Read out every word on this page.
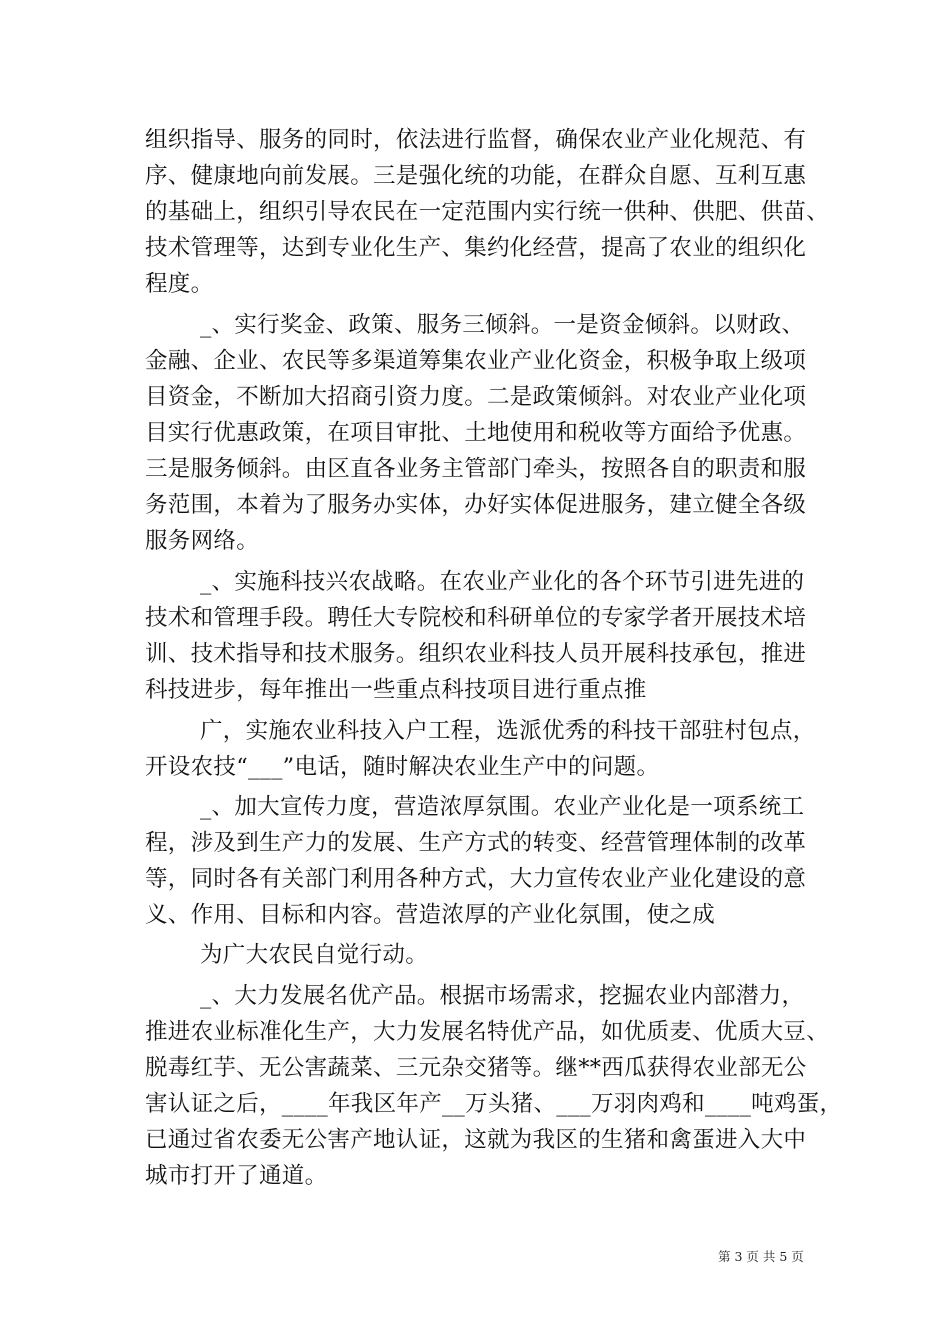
组织指导、服务的同时，依法进行监督，确保农业产业化规范、有
序、健康地向前发展。三是强化统的功能，在群众自愿、互利互惠
的基础上，组织引导农民在一定范围内实行统一供种、供肥、供苗、
技术管理等，达到专业化生产、集约化经营，提高了农业的组织化
程度。
_、实行奖金、政策、服务三倾斜。一是资金倾斜。以财政、
金融、企业、农民等多渠道筹集农业产业化资金，积极争取上级项
目资金，不断加大招商引资力度。二是政策倾斜。对农业产业化项
目实行优惠政策，在项目审批、土地使用和税收等方面给予优惠。
三是服务倾斜。由区直各业务主管部门牵头，按照各自的职责和服
务范围，本着为了服务办实体，办好实体促进服务，建立健全各级
服务网络。
_、实施科技兴农战略。在农业产业化的各个环节引进先进的
技术和管理手段。聘任大专院校和科研单位的专家学者开展技术培
训、技术指导和技术服务。组织农业科技人员开展科技承包，推进
科技进步，每年推出一些重点科技项目进行重点推
广，实施农业科技入户工程，选派优秀的科技干部驻村包点，
开设农技“___”电话，随时解决农业生产中的问题。
_、加大宣传力度，营造浓厚氛围。农业产业化是一项系统工
程，涉及到生产力的发展、生产方式的转变、经营管理体制的改革
等，同时各有关部门利用各种方式，大力宣传农业产业化建设的意
义、作用、目标和内容。营造浓厚的产业化氛围，使之成
为广大农民自觉行动。
_、大力发展名优产品。根据市场需求，挖掘农业内部潜力，
推进农业标准化生产，大力发展名特优产品，如优质麦、优质大豆、
脱毒红芋、无公害蔬菜、三元杂交猪等。继**西瓜获得农业部无公
害认证之后，____年我区年产__万头猪、___万羽肉鸡和____吨鸡蛋，
已通过省农委无公害产地认证，这就为我区的生猪和禽蛋进入大中
城市打开了通道。
第 3 页 共 5 页
